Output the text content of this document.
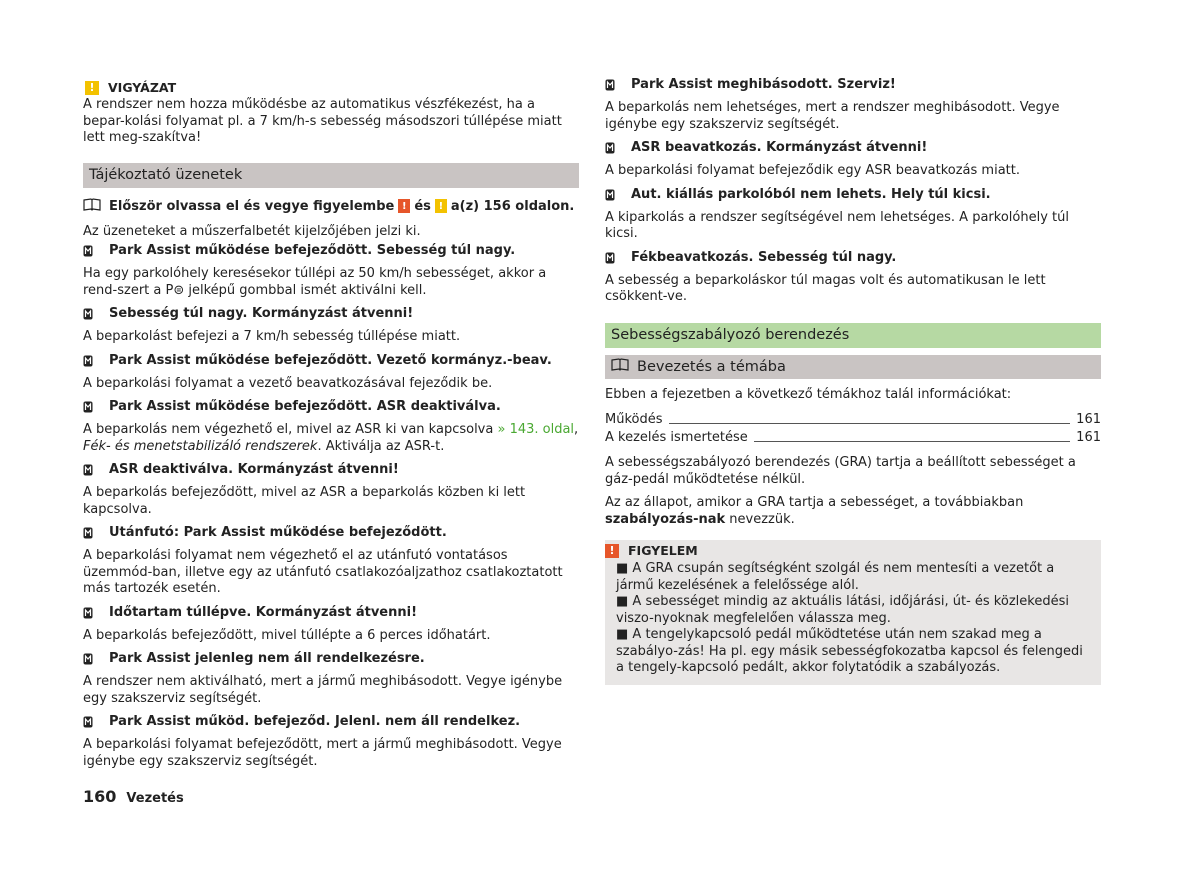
!	VIGYÁZAT

A rendszer nem hozza működésbe az automatikus vészfékezést, ha a bepar-kolási folyamat pl. a 7 km/h-s sebesség másodszori túllépése miatt lett meg-szakítva!

Tájékoztató üzenetek
Először olvassa el és vegye figyelembe ! és ! a(z) 156 oldalon.

Az üzeneteket a műszerfalbetét kijelzőjében jelzi ki.

Park Assist működése befejeződött. Sebesség túl nagy.

Ha egy parkolóhely keresésekor túllépi az 50 km/h sebességet, akkor a rend-szert a P⊜ jelképű gombbal ismét aktiválni kell.

Sebesség túl nagy. Kormányzást átvenni!

A beparkolást befejezi a 7 km/h sebesség túllépése miatt.

Park Assist működése befejeződött. Vezető kormányz.-beav.

A beparkolási folyamat a vezető beavatkozásával fejeződik be.

Park Assist működése befejeződött. ASR deaktiválva.

A beparkolás nem végezhető el, mivel az ASR ki van kapcsolva » 143. oldal,
Fék- és menetstabilizáló rendszerek. Aktiválja az ASR-t.

ASR deaktiválva. Kormányzást átvenni!

A beparkolás befejeződött, mivel az ASR a beparkolás közben ki lett kapcsolva.

Utánfutó: Park Assist működése befejeződött.

A beparkolási folyamat nem végezhető el az utánfutó vontatásos üzemmód-ban, illetve egy az utánfutó csatlakozóaljzathoz csatlakoztatott más tartozék esetén.

Időtartam túllépve. Kormányzást átvenni!

A beparkolás befejeződött, mivel túllépte a 6 perces időhatárt.

Park Assist jelenleg nem áll rendelkezésre.

A rendszer nem aktiválható, mert a jármű meghibásodott. Vegye igénybe egy szakszerviz segítségét.

Park Assist működ. befejeződ. Jelenl. nem áll rendelkez.

A beparkolási folyamat befejeződött, mert a jármű meghibásodott. Vegye igénybe egy szakszerviz segítségét.

Park Assist meghibásodott. Szerviz!

A beparkolás nem lehetséges, mert a rendszer meghibásodott. Vegye igénybe egy szakszerviz segítségét.

ASR beavatkozás. Kormányzást átvenni!

A beparkolási folyamat befejeződik egy ASR beavatkozás miatt.

Aut. kiállás parkolóból nem lehets. Hely túl kicsi.

A kiparkolás a rendszer segítségével nem lehetséges. A parkolóhely túl kicsi.

Fékbeavatkozás. Sebesség túl nagy.

A sebesség a beparkoláskor túl magas volt és automatikusan le lett csökkent-ve.

Sebességszabályozó berendezés
Bevezetés a témába

Ebben a fejezetben a következő témákhoz talál információkat:

Működés	161
A kezelés ismertetése	161

A sebességszabályozó berendezés (GRA) tartja a beállított sebességet a gáz-pedál működtetése nélkül.

Az az állapot, amikor a GRA tartja a sebességet, a továbbiakban szabályozás-nak nevezzük.

!	FIGYELEM
■ A GRA csupán segítségként szolgál és nem mentesíti a vezetőt a jármű kezelésének a felelőssége alól.
■ A sebességet mindig az aktuális látási, időjárási, út- és közlekedési viszo-nyoknak megfelelően válassza meg.
■ A tengelykapcsoló pedál működtetése után nem szakad meg a szabályo-zás! Ha pl. egy másik sebességfokozatba kapcsol és felengedi a tengely-kapcsoló pedált, akkor folytatódik a szabályozás.
160 Vezetés
